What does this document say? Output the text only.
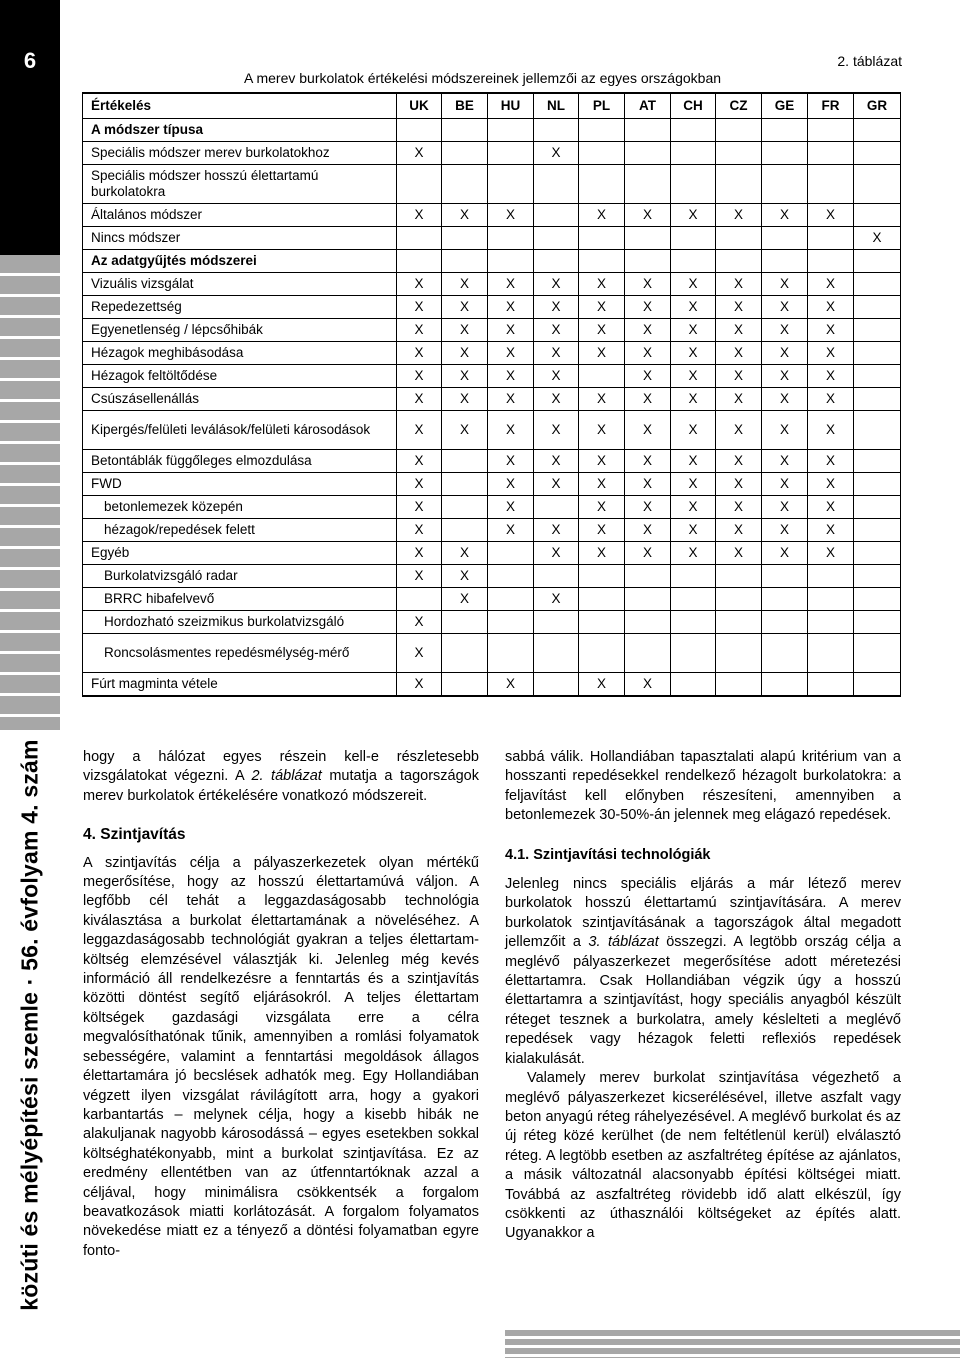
6
közúti és mélyépítési szemle · 56. évfolyam 4. szám
2. táblázat
A merev burkolatok értékelési módszereinek jellemzői az egyes országokban
Értékelés	UK	BE	HU	NL	PL	AT	CH	CZ	GE	FR	GR
A módszer típusa											
Speciális módszer merev burkolatokhoz	X			X							
Speciális módszer hosszú élettartamú burkolatokra											
Általános módszer	X	X	X		X	X	X	X	X	X	
Nincs módszer											X
Az adatgyűjtés módszerei											
Vizuális vizsgálat	X	X	X	X	X	X	X	X	X	X	
Repedezettség	X	X	X	X	X	X	X	X	X	X	
Egyenetlenség / lépcsőhibák	X	X	X	X	X	X	X	X	X	X	
Hézagok meghibásodása	X	X	X	X	X	X	X	X	X	X	
Hézagok feltöltődése	X	X	X	X		X	X	X	X	X	
Csúszásellenállás	X	X	X	X	X	X	X	X	X	X	
Kipergés/felületi leválások/felületi károsodások	X	X	X	X	X	X	X	X	X	X	
Betontáblák függőleges elmozdulása	X		X	X	X	X	X	X	X	X	
FWD	X		X	X	X	X	X	X	X	X	
betonlemezek közepén	X		X		X	X	X	X	X	X	
hézagok/repedések felett	X		X	X	X	X	X	X	X	X	
Egyéb	X	X		X	X	X	X	X	X	X	
Burkolatvizsgáló radar	X	X									
BRRC hibafelvevő		X		X							
Hordozható szeizmikus burkolatvizsgáló	X										
Roncsolásmentes repedésmélység-mérő	X										
Fúrt magminta vétele	X		X		X	X					

hogy a hálózat egyes részein kell-e részletesebb vizsgálatokat végezni. A 2. táblázat mutatja a tagországok merev burkolatok értékelésére vonatkozó módszereit.

4. Szintjavítás

A szintjavítás célja a pályaszerkezetek olyan mértékű megerősítése, hogy az hosszú élettartamúvá váljon. A legfőbb cél tehát a leggazdaságosabb technológia kiválasztása a burkolat élettartamának a növeléséhez. A leggazdaságosabb technológiát gyakran a teljes élettartam-költség elemzésével választják ki. Jelenleg még kevés információ áll rendelkezésre a fenntartás és a szintjavítás közötti döntést segítő eljárásokról. A teljes élettartam költségek gazdasági vizsgálata erre a célra megvalósíthatónak tűnik, amennyiben a romlási folyamatok sebességére, valamint a fenntartási megoldások állagos élettartamára jó becslések adhatók meg. Egy Hollandiában végzett ilyen vizsgálat rávilágított arra, hogy a gyakori karbantartás – melynek célja, hogy a kisebb hibák ne alakuljanak nagyobb károsodássá – egyes esetekben sokkal költséghatékonyabb, mint a burkolat szintjavítása. Ez az eredmény ellentétben van az útfenntartóknak azzal a céljával, hogy minimálisra csökkentsék a forgalom beavatkozások miatti korlátozását. A forgalom folyamatos növekedése miatt ez a tényező a döntési folyamatban egyre fonto-

sabbá válik. Hollandiában tapasztalati alapú kritérium van a hosszanti repedésekkel rendelkező hézagolt burkolatokra: a feljavítást kell előnyben részesíteni, amennyiben a betonlemezek 30-50%-án jelennek meg elágazó repedések.

4.1. Szintjavítási technológiák

Jelenleg nincs speciális eljárás a már létező merev burkolatok hosszú élettartamú szintjavítására. A merev burkolatok szintjavításának a tagországok által megadott jellemzőit a 3. táblázat összegzi. A legtöbb ország célja a meglévő pályaszerkezet megerősítése adott méretezési élettartamra. Csak Hollandiában végzik úgy a hosszú élettartamra a szintjavítást, hogy speciális anyagból készült réteget tesznek a burkolatra, amely késlelteti a meglévő repedések vagy hézagok feletti reflexiós repedések kialakulását.

Valamely merev burkolat szintjavítása végezhető a meglévő pályaszerkezet kicserélésével, illetve aszfalt vagy beton anyagú réteg ráhelyezésével. A meglévő burkolat és az új réteg közé kerülhet (de nem feltétlenül kerül) elválasztó réteg. A legtöbb esetben az aszfaltréteg építése az ajánlatos, a másik változatnál alacsonyabb építési költségei miatt. Továbbá az aszfaltréteg rövidebb idő alatt elkészül, így csökkenti az úthasználói költségeket az építés alatt. Ugyanakkor a
